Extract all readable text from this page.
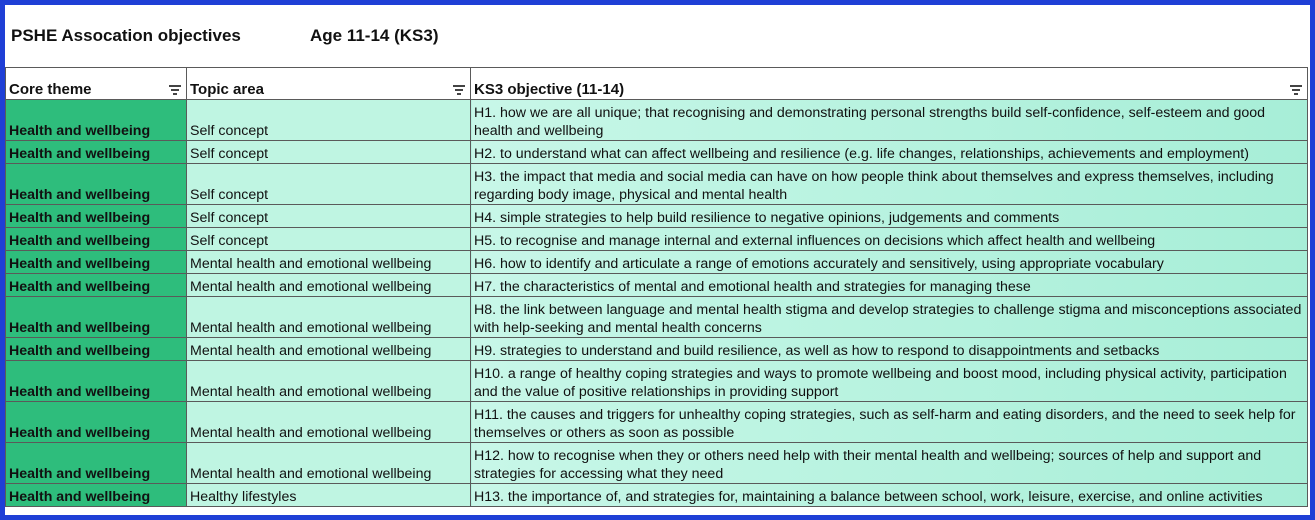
PSHE Assocation objectives	Age 11-14 (KS3)
Core theme	Topic area	KS3 objective (11-14)

Health and wellbeing	Self concept	H1. how we are all unique; that recognising and demonstrating personal strengths build self-confidence, self-esteem and good health and wellbeing
Health and wellbeing	Self concept	H2. to understand what can affect wellbeing and resilience (e.g. life changes, relationships, achievements and employment)
Health and wellbeing	Self concept	H3. the impact that media and social media can have on how people think about themselves and express themselves, including regarding body image, physical and mental health
Health and wellbeing	Self concept	H4. simple strategies to help build resilience to negative opinions, judgements and comments
Health and wellbeing	Self concept	H5. to recognise and manage internal and external influences on decisions which affect health and wellbeing
Health and wellbeing	Mental health and emotional wellbeing	H6. how to identify and articulate a range of emotions accurately and sensitively, using appropriate vocabulary
Health and wellbeing	Mental health and emotional wellbeing	H7. the characteristics of mental and emotional health and strategies for managing these
Health and wellbeing	Mental health and emotional wellbeing	H8. the link between language and mental health stigma and develop strategies to challenge stigma and misconceptions associated with help-seeking and mental health concerns
Health and wellbeing	Mental health and emotional wellbeing	H9. strategies to understand and build resilience, as well as how to respond to disappointments and setbacks
Health and wellbeing	Mental health and emotional wellbeing	H10. a range of healthy coping strategies and ways to promote wellbeing and boost mood, including physical activity, participation and the value of positive relationships in providing support
Health and wellbeing	Mental health and emotional wellbeing	H11. the causes and triggers for unhealthy coping strategies, such as self-harm and eating disorders, and the need to seek help for themselves or others as soon as possible
Health and wellbeing	Mental health and emotional wellbeing	H12. how to recognise when they or others need help with their mental health and wellbeing; sources of help and support and strategies for accessing what they need
Health and wellbeing	Healthy lifestyles	H13. the importance of, and strategies for, maintaining a balance between school, work, leisure, exercise, and online activities
